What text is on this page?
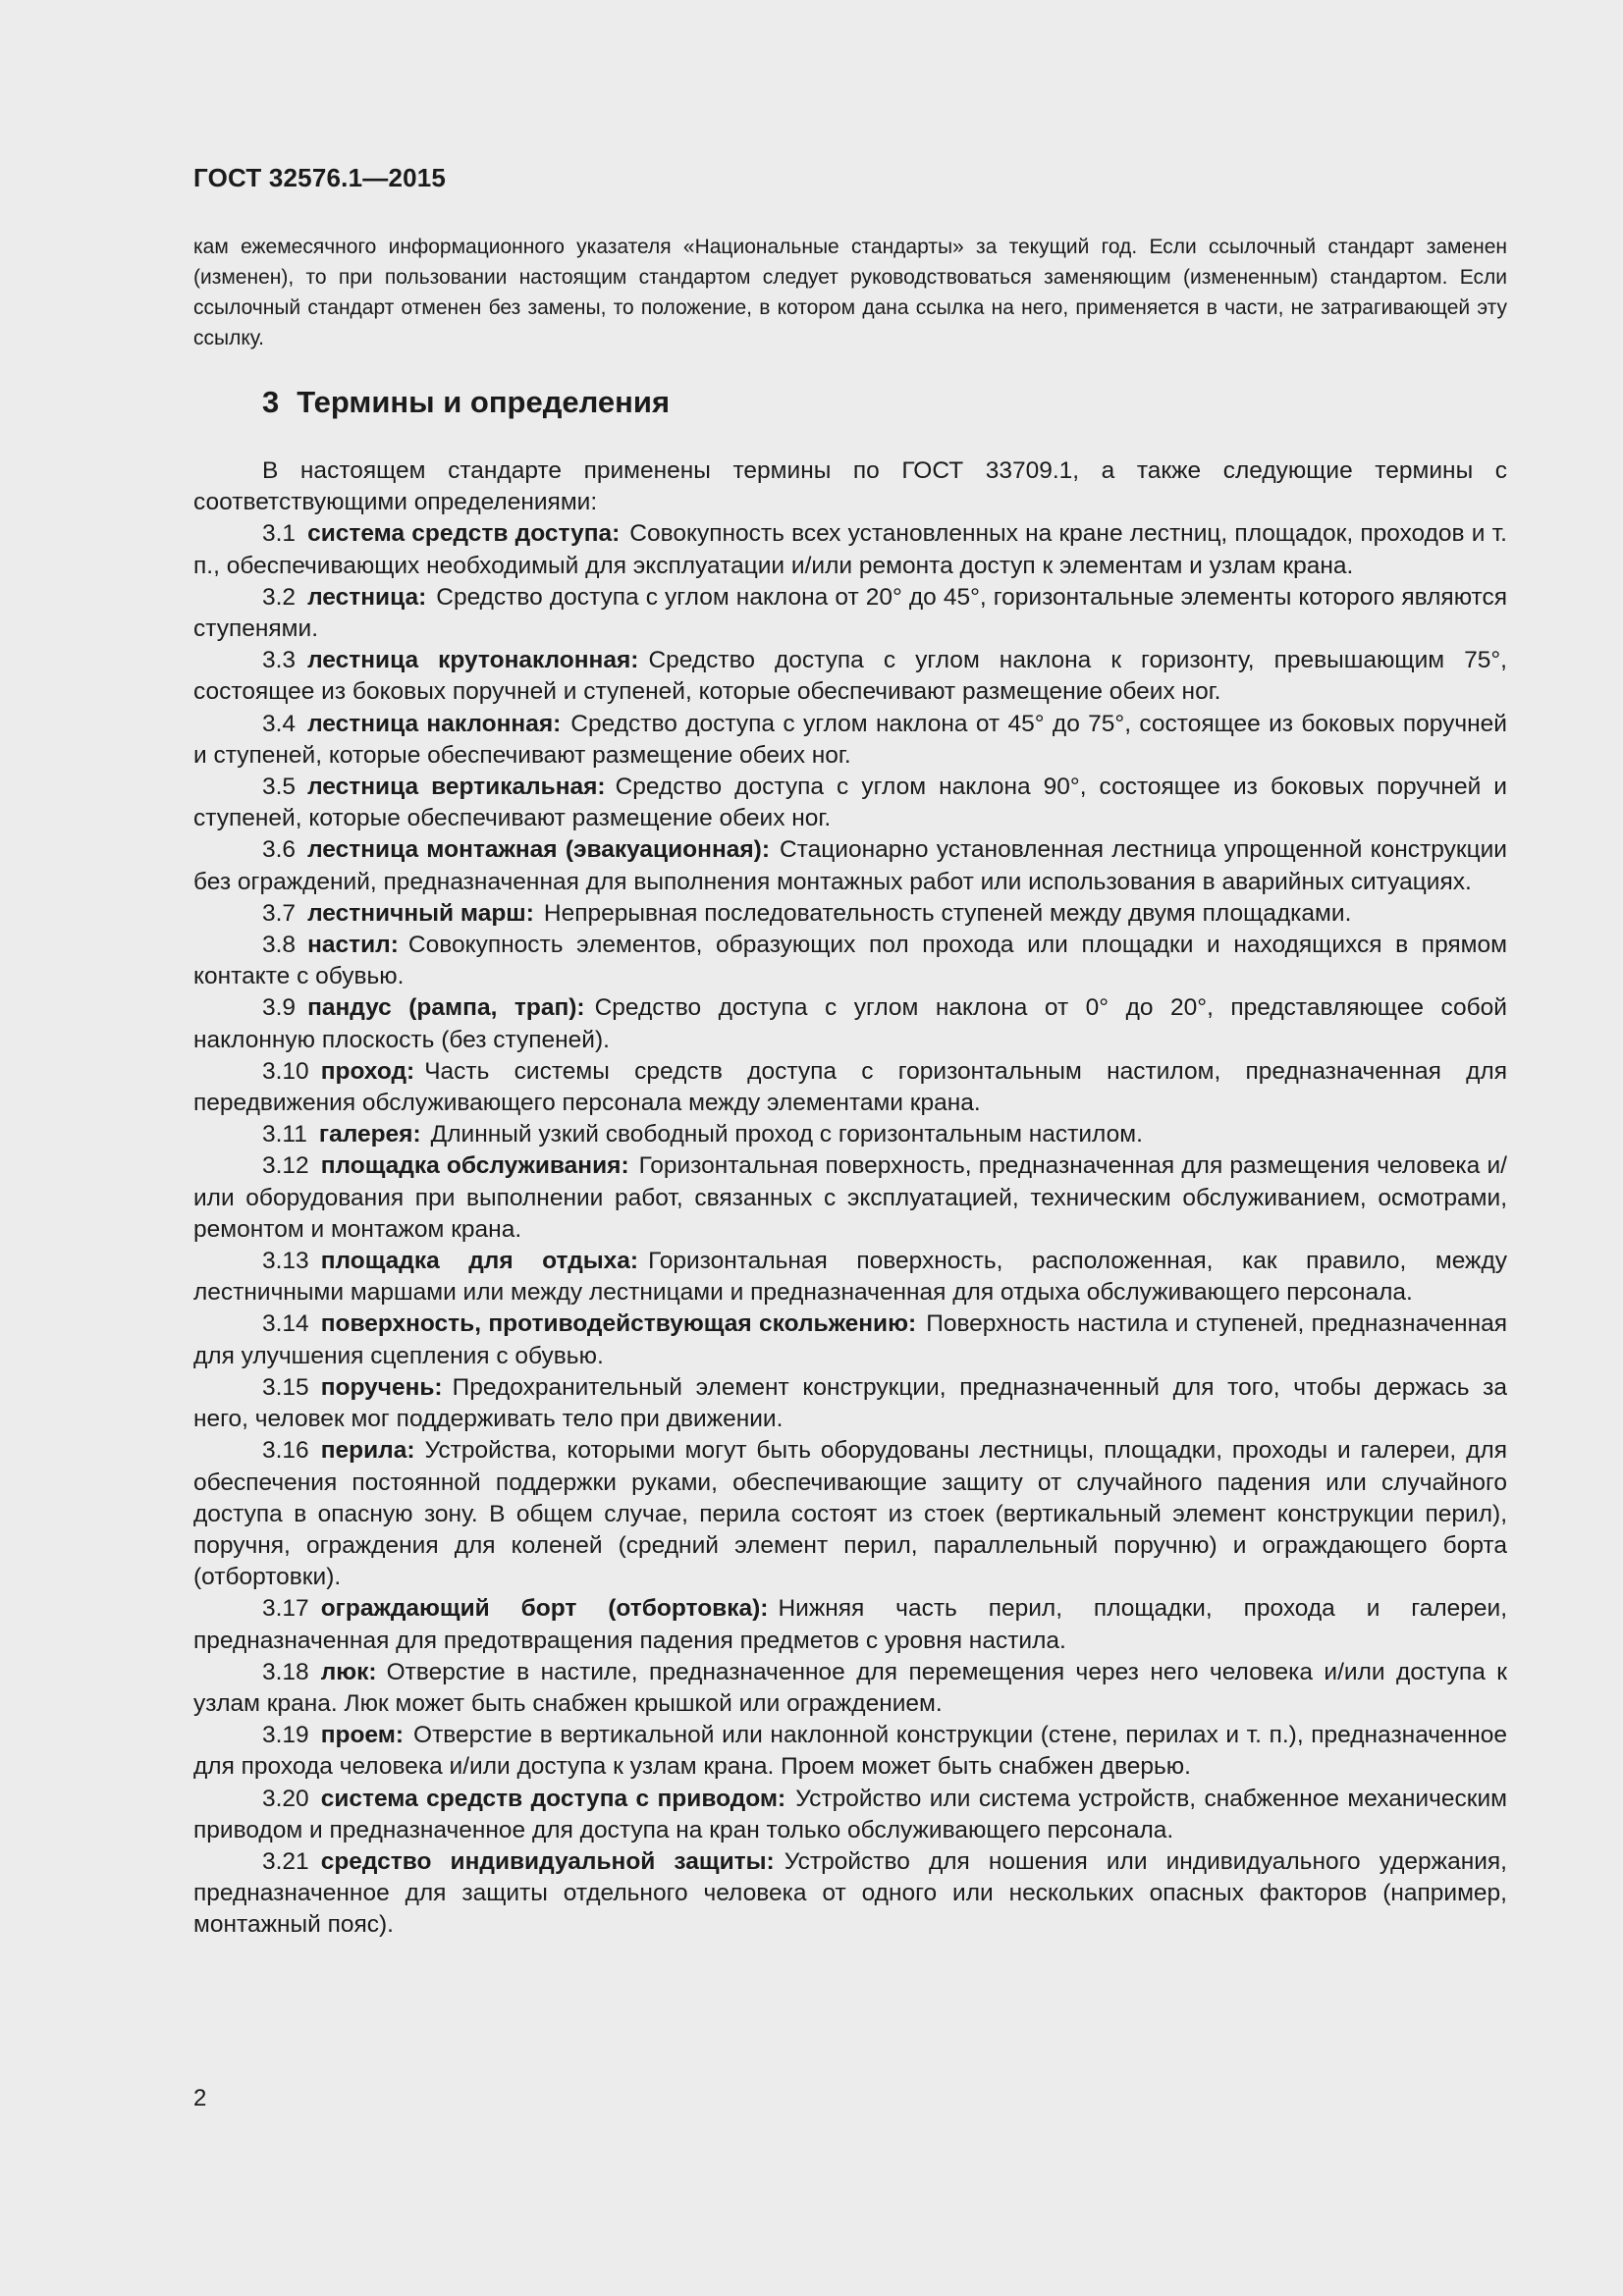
ГОСТ 32576.1—2015
кам ежемесячного информационного указателя «Национальные стандарты» за текущий год. Если ссылочный стандарт заменен (изменен), то при пользовании настоящим стандартом следует руководствоваться заменяющим (измененным) стандартом. Если ссылочный стандарт отменен без замены, то положение, в котором дана ссылка на него, применяется в части, не затрагивающей эту ссылку.
3 Термины и определения

В настоящем стандарте применены термины по ГОСТ 33709.1, а также следующие термины с соответствующими определениями:

3.1 система средств доступа: Совокупность всех установленных на кране лестниц, площадок, проходов и т. п., обеспечивающих необходимый для эксплуатации и/или ремонта доступ к элементам и узлам крана.

3.2 лестница: Средство доступа с углом наклона от 20° до 45°, горизонтальные элементы которого являются ступенями.

3.3 лестница крутонаклонная: Средство доступа с углом наклона к горизонту, превышающим 75°, состоящее из боковых поручней и ступеней, которые обеспечивают размещение обеих ног.

3.4 лестница наклонная: Средство доступа с углом наклона от 45° до 75°, состоящее из боковых поручней и ступеней, которые обеспечивают размещение обеих ног.

3.5 лестница вертикальная: Средство доступа с углом наклона 90°, состоящее из боковых поручней и ступеней, которые обеспечивают размещение обеих ног.

3.6 лестница монтажная (эвакуационная): Стационарно установленная лестница упрощенной конструкции без ограждений, предназначенная для выполнения монтажных работ или использования в аварийных ситуациях.

3.7 лестничный марш: Непрерывная последовательность ступеней между двумя площадками.

3.8 настил: Совокупность элементов, образующих пол прохода или площадки и находящихся в прямом контакте с обувью.

3.9 пандус (рампа, трап): Средство доступа с углом наклона от 0° до 20°, представляющее собой наклонную плоскость (без ступеней).

3.10 проход: Часть системы средств доступа с горизонтальным настилом, предназначенная для передвижения обслуживающего персонала между элементами крана.

3.11 галерея: Длинный узкий свободный проход с горизонтальным настилом.

3.12 площадка обслуживания: Горизонтальная поверхность, предназначенная для размещения человека и/или оборудования при выполнении работ, связанных с эксплуатацией, техническим обслуживанием, осмотрами, ремонтом и монтажом крана.

3.13 площадка для отдыха: Горизонтальная поверхность, расположенная, как правило, между лестничными маршами или между лестницами и предназначенная для отдыха обслуживающего персонала.

3.14 поверхность, противодействующая скольжению: Поверхность настила и ступеней, предназначенная для улучшения сцепления с обувью.

3.15 поручень: Предохранительный элемент конструкции, предназначенный для того, чтобы держась за него, человек мог поддерживать тело при движении.

3.16 перила: Устройства, которыми могут быть оборудованы лестницы, площадки, проходы и галереи, для обеспечения постоянной поддержки руками, обеспечивающие защиту от случайного падения или случайного доступа в опасную зону. В общем случае, перила состоят из стоек (вертикальный элемент конструкции перил), поручня, ограждения для коленей (средний элемент перил, параллельный поручню) и ограждающего борта (отбортовки).

3.17 ограждающий борт (отбортовка): Нижняя часть перил, площадки, прохода и галереи, предназначенная для предотвращения падения предметов с уровня настила.

3.18 люк: Отверстие в настиле, предназначенное для перемещения через него человека и/или доступа к узлам крана. Люк может быть снабжен крышкой или ограждением.

3.19 проем: Отверстие в вертикальной или наклонной конструкции (стене, перилах и т. п.), предназначенное для прохода человека и/или доступа к узлам крана. Проем может быть снабжен дверью.

3.20 система средств доступа с приводом: Устройство или система устройств, снабженное механическим приводом и предназначенное для доступа на кран только обслуживающего персонала.

3.21 средство индивидуальной защиты: Устройство для ношения или индивидуального удержания, предназначенное для защиты отдельного человека от одного или нескольких опасных факторов (например, монтажный пояс).

2
